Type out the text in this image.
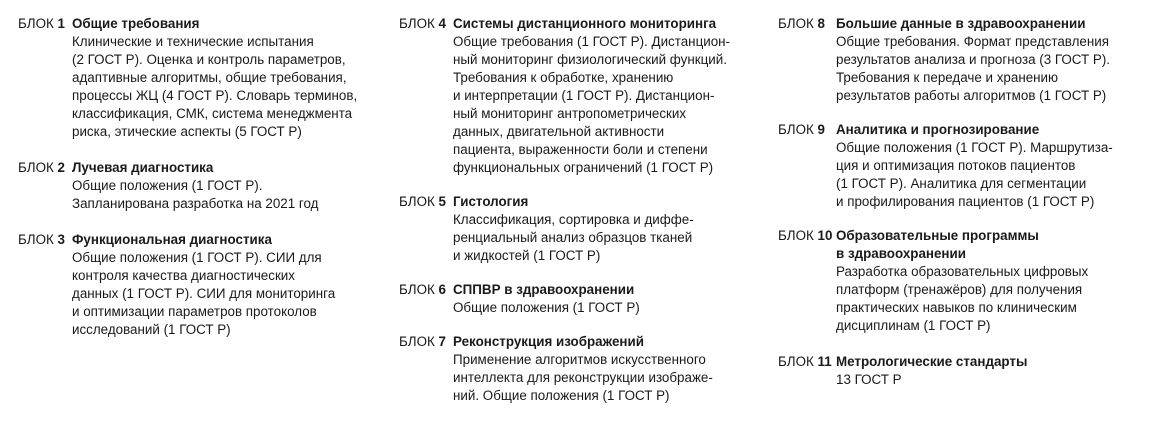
БЛОК 1 Общие требования
Клинические и технические испытания
(2 ГОСТ Р). Оценка и контроль параметров,
адаптивные алгоритмы, общие требования,
процессы ЖЦ (4 ГОСТ Р). Словарь терминов,
классификация, СМК, система менеджмента
риска, этические аспекты (5 ГОСТ Р)
БЛОК 2 Лучевая диагностика
Общие положения (1 ГОСТ Р).
Запланирована разработка на 2021 год
БЛОК 3 Функциональная диагностика
Общие положения (1 ГОСТ Р). СИИ для
контроля качества диагностических
данных (1 ГОСТ Р). СИИ для мониторинга
и оптимизации параметров протоколов
исследований (1 ГОСТ Р)
БЛОК 4 Системы дистанционного мониторинга
Общие требования (1 ГОСТ Р). Дистанцион-
ный мониторинг физиологический функций.
Требования к обработке, хранению
и интерпретации (1 ГОСТ Р). Дистанцион-
ный мониторинг антропометрических
данных, двигательной активности
пациента, выраженности боли и степени
функциональных ограничений (1 ГОСТ Р)
БЛОК 5 Гистология
Классификация, сортировка и диффе-
ренциальный анализ образцов тканей
и жидкостей (1 ГОСТ Р)
БЛОК 6 СППВР в здравоохранении
Общие положения (1 ГОСТ Р)
БЛОК 7 Реконструкция изображений
Применение алгоритмов искусственного
интеллекта для реконструкции изображе-
ний. Общие положения (1 ГОСТ Р)
БЛОК 8 Большие данные в здравоохранении
Общие требования. Формат представления
результатов анализа и прогноза (3 ГОСТ Р).
Требования к передаче и хранению
результатов работы алгоритмов (1 ГОСТ Р)
БЛОК 9 Аналитика и прогнозирование
Общие положения (1 ГОСТ Р). Маршрутиза-
ция и оптимизация потоков пациентов
(1 ГОСТ Р). Аналитика для сегментации
и профилирования пациентов (1 ГОСТ Р)
БЛОК 10 Образовательные программы
в здравоохранении
Разработка образовательных цифровых
платформ (тренажёров) для получения
практических навыков по клиническим
дисциплинам (1 ГОСТ Р)
БЛОК 11 Метрологические стандарты
13 ГОСТ Р
